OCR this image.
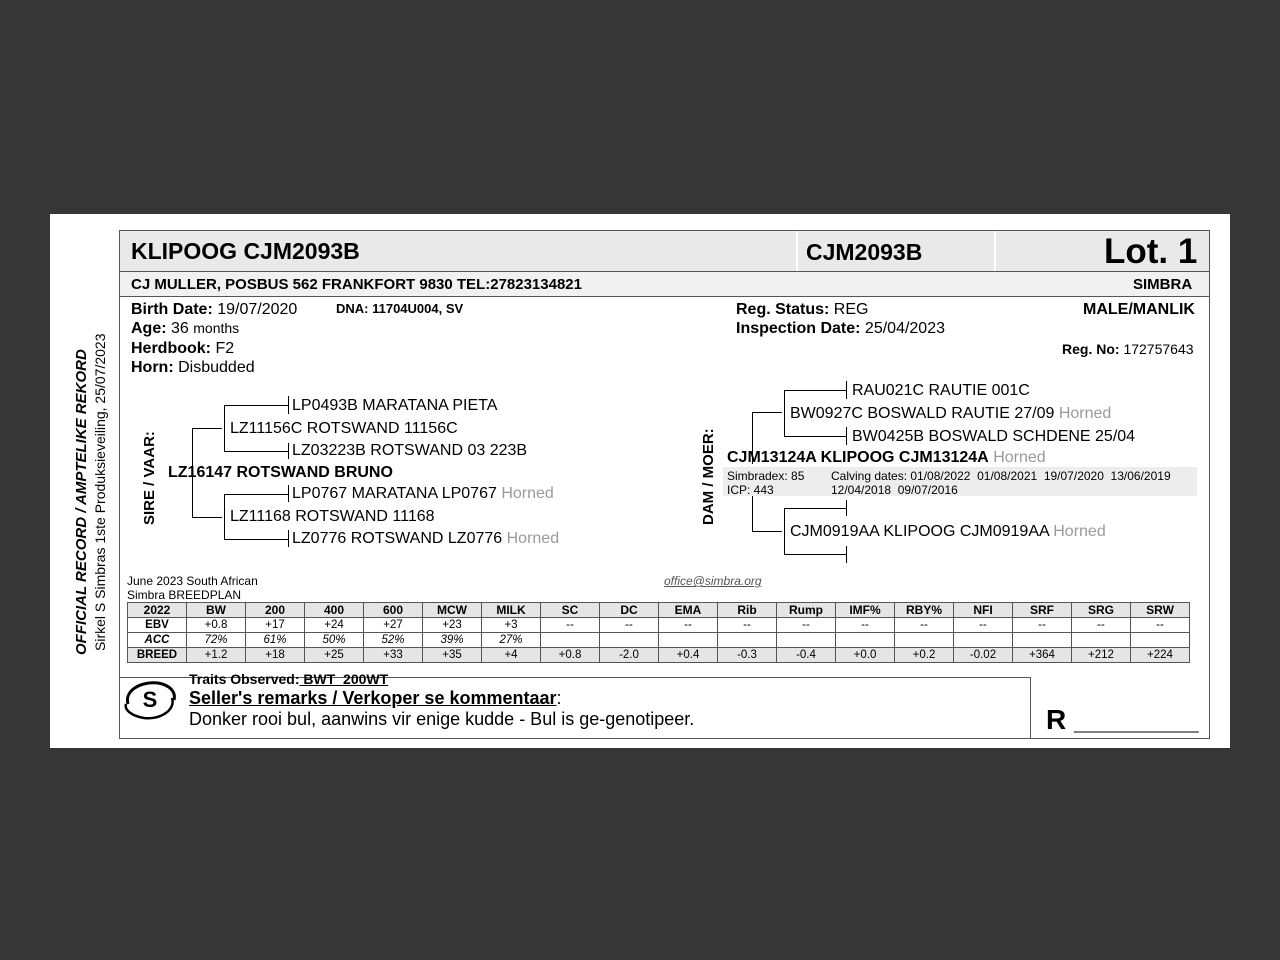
OFFICIAL RECORD / AMPTELIKE REKORD Sirkel S Simbras 1ste Produksieveiling, 25/07/2023
KLIPOOG CJM2093B	CJM2093B	Lot. 1
CJ MULLER, POSBUS 562 FRANKFORT 9830 TEL:27823134821	SIMBRA
Birth Date: 19/07/2020	DNA: 11704U004, SV
Age: 36 months
Herdbook: F2
Horn: Disbudded
Reg. Status: REG
Inspection Date: 25/04/2023
MALE/MANLIK
Reg. No: 172757643
SIRE / VAAR:
LP0493B MARATANA PIETA
LZ11156C ROTSWAND 11156C
LZ03223B ROTSWAND 03 223B
LZ16147 ROTSWAND BRUNO
LP0767 MARATANA LP0767 Horned
LZ11168 ROTSWAND 11168
LZ0776 ROTSWAND LZ0776 Horned
DAM / MOER:
RAU021C RAUTIE 001C
BW0927C BOSWALD RAUTIE 27/09 Horned
BW0425B BOSWALD SCHDENE 25/04
CJM13124A KLIPOOG CJM13124A Horned
Simbradex: 85
ICP: 443
Calving dates: 01/08/2022  01/08/2021  19/07/2020  13/06/2019
12/04/2018  09/07/2016
CJM0919AA KLIPOOG CJM0919AA Horned
June 2023 South African
Simbra BREEDPLAN
office@simbra.org
2022	BW	200	400	600	MCW	MILK	SC	DC	EMA	Rib	Rump	IMF%	RBY%	NFI	SRF	SRG	SRW
EBV	+0.8	+17	+24	+27	+23	+3	--	--	--	--	--	--	--	--	--	--	--
ACC	72%	61%	50%	52%	39%	27%											
BREED	+1.2	+18	+25	+33	+35	+4	+0.8	-2.0	+0.4	-0.3	-0.4	+0.0	+0.2	-0.02	+364	+212	+224
S
Traits Observed: BWT  200WT
Seller's remarks / Verkoper se kommentaar:
Donker rooi bul, aanwins vir enige kudde - Bul is ge-genotipeer.	R ________
